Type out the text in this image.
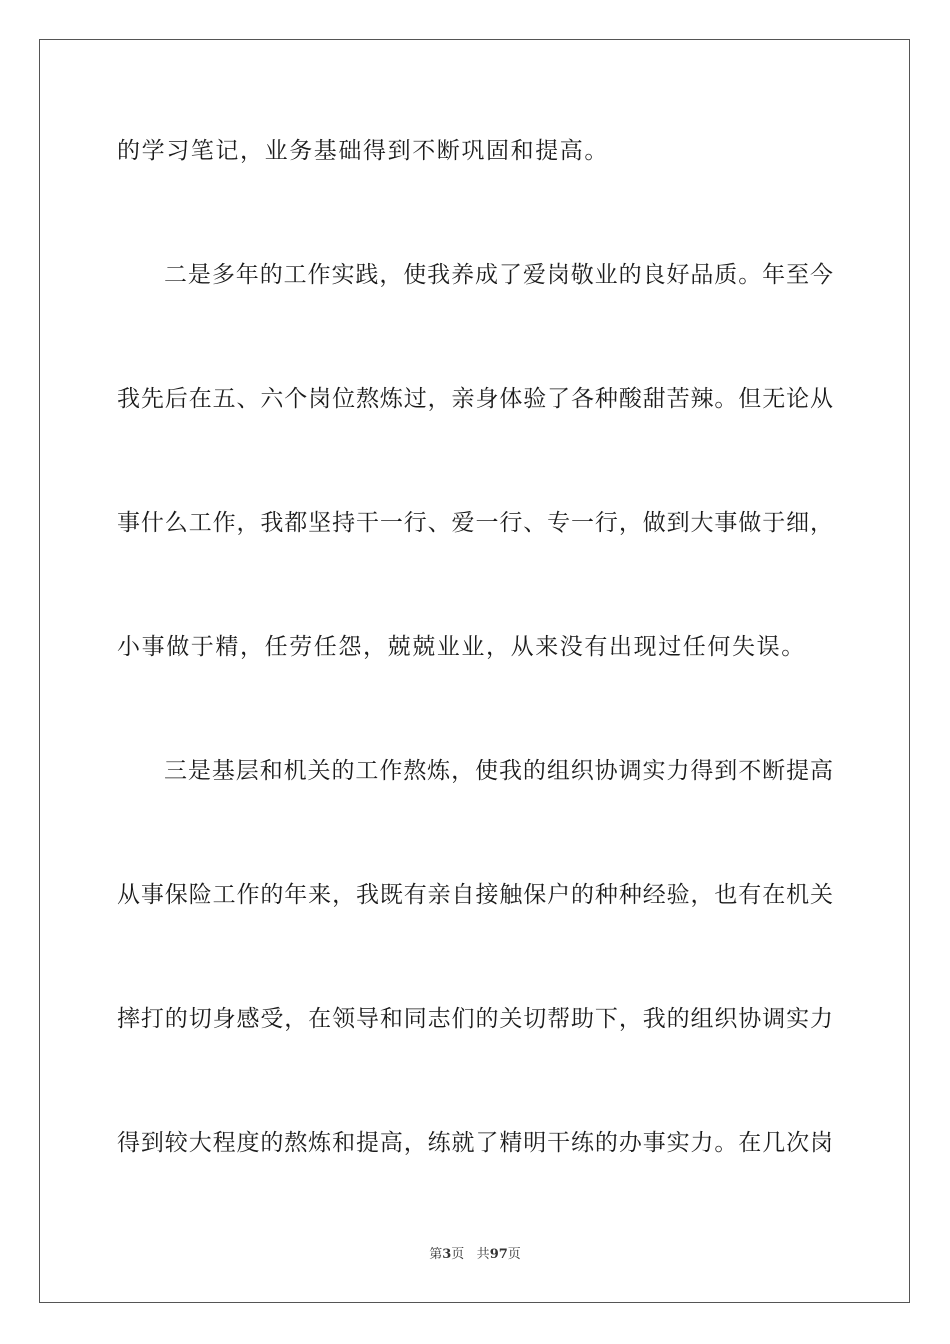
的学习笔记，业务基础得到不断巩固和提高。

二是多年的工作实践，使我养成了爱岗敬业的良好品质。年至今

我先后在五、六个岗位熬炼过，亲身体验了各种酸甜苦辣。但无论从

事什么工作，我都坚持干一行、爱一行、专一行，做到大事做于细，

小事做于精，任劳任怨，兢兢业业，从来没有出现过任何失误。

三是基层和机关的工作熬炼，使我的组织协调实力得到不断提高

从事保险工作的年来，我既有亲自接触保户的种种经验，也有在机关

摔打的切身感受，在领导和同志们的关切帮助下，我的组织协调实力

得到较大程度的熬炼和提高，练就了精明干练的办事实力。在几次岗

第3页 共97页
